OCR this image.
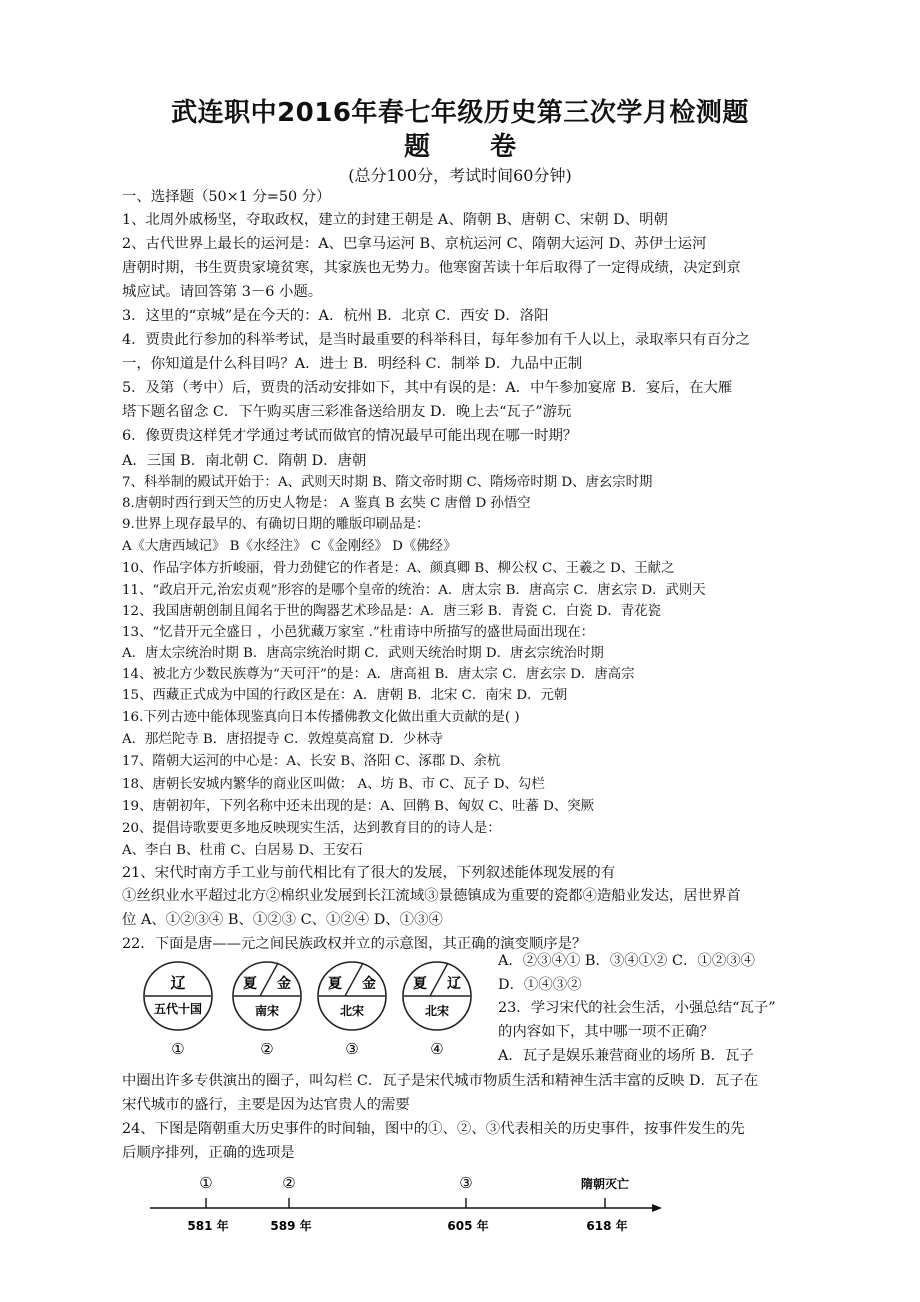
武连职中2016年春七年级历史第三次学月检测题
题卷
(总分100分，考试时间60分钟)
一、选择题（50×1 分=50 分）
1、北周外戚杨坚，夺取政权，建立的封建王朝是 A、隋朝 B、唐朝 C、宋朝 D、明朝
2、古代世界上最长的运河是：A、巴拿马运河 B、京杭运河 C、隋朝大运河 D、苏伊士运河
唐朝时期，书生贾贵家境贫寒，其家族也无势力。他寒窗苦读十年后取得了一定得成绩，决定到京
城应试。请回答第 3－6 小题。
3．这里的“京城”是在今天的：A．杭州 B．北京 C．西安 D．洛阳
4．贾贵此行参加的科举考试，是当时最重要的科举科目，每年参加有千人以上，录取率只有百分之
一，你知道是什么科目吗？A．进士 B．明经科 C．制举 D．九品中正制
5．及第（考中）后，贾贵的活动安排如下，其中有误的是：A．中午参加宴席 B．宴后，在大雁
塔下题名留念 C．下午购买唐三彩准备送给朋友 D．晚上去“瓦子”游玩
6．像贾贵这样凭才学通过考试而做官的情况最早可能出现在哪一时期？
A．三国 B．南北朝 C．隋朝 D．唐朝
7、科举制的殿试开始于：A、武则天时期 B、隋文帝时期 C、隋炀帝时期 D、唐玄宗时期
8.唐朝时西行到天竺的历史人物是： A 鉴真 B 玄奘 C 唐僧 D 孙悟空
9.世界上现存最早的、有确切日期的雕版印刷品是：
A《大唐西域记》 B《水经注》 C《金刚经》 D《佛经》
10、作品字体方折峻丽，骨力劲健它的作者是：A、颜真卿 B、柳公权 C、王羲之 D、王献之
11、“政启开元,治宏贞观”形容的是哪个皇帝的统治：A．唐太宗 B．唐高宗 C．唐玄宗 D．武则天
12、我国唐朝创制且闻名于世的陶器艺术珍品是：A．唐三彩 B．青瓷 C．白瓷 D．青花瓷
13、“忆昔开元全盛日 ，小邑犹藏万家室 .”杜甫诗中所描写的盛世局面出现在：
A．唐太宗统治时期 B．唐高宗统治时期 C．武则天统治时期 D．唐玄宗统治时期
14、被北方少数民族尊为“天可汗”的是：A．唐高祖 B．唐太宗 C．唐玄宗 D．唐高宗
15、西藏正式成为中国的行政区是在：A．唐朝 B．北宋 C．南宋 D．元朝
16.下列古迹中能体现鉴真向日本传播佛教文化做出重大贡献的是( )
A．那烂陀寺 B．唐招提寺 C．敦煌莫高窟 D．少林寺
17、隋朝大运河的中心是：A、长安 B、洛阳 C、涿郡 D、余杭
18、唐朝长安城内繁华的商业区叫做： A、坊 B、市 C、瓦子 D、勾栏
19、唐朝初年，下列名称中还未出现的是：A、回鹘 B、匈奴 C、吐蕃 D、突厥
20、提倡诗歌要更多地反映现实生活，达到教育目的的诗人是：
A、李白 B、杜甫 C、白居易 D、王安石
21、宋代时南方手工业与前代相比有了很大的发展，下列叙述能体现发展的有
①丝织业水平超过北方②棉织业发展到长江流域③景德镇成为重要的瓷都④造船业发达，居世界首
位 A、①②③④ B、①②③ C、①②④ D、①③④
22．下面是唐——元之间民族政权并立的示意图，其正确的演变顺序是？
辽
五代十国
夏 金
南宋
夏 金
北宋
夏 辽
北宋
①	②	③	④
A．②③④① B．③④①② C．①②③④
D．①④③②
23．学习宋代的社会生活，小强总结“瓦子”
的内容如下，其中哪一项不正确？
A．瓦子是娱乐兼营商业的场所 B．瓦子
中圈出许多专供演出的圈子，叫勾栏 C．瓦子是宋代城市物质生活和精神生活丰富的反映 D．瓦子在
宋代城市的盛行，主要是因为达官贵人的需要
24、下图是隋朝重大历史事件的时间轴，图中的①、②、③代表相关的历史事件，按事件发生的先
后顺序排列，正确的选项是
①	②	③	隋朝灭亡
581 年	589 年	605 年	618 年
